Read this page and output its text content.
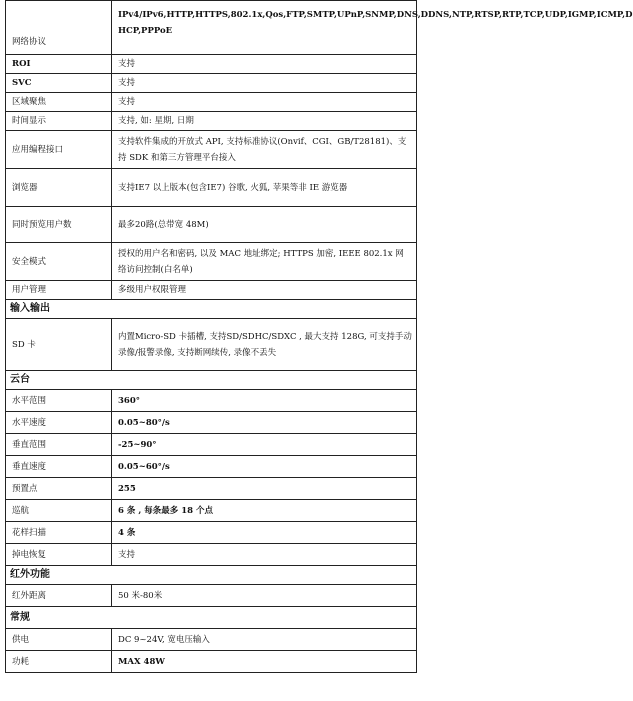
网络协议	IPv4/IPv6,HTTP,HTTPS,802.1x,Qos,FTP,SMTP,UPnP,SNMP,DNS,DDNS,NTP,RTSP,RTP,TCP,UDP,IGMP,ICMP,D HCP,PPPoE
ROI	支持
SVC	支持
区域聚焦	支持
时间显示	支持, 如: 星期, 日期
应用编程接口	支持软件集成的开放式 API, 支持标准协议(Onvif、CGI、GB/T28181)、支持 SDK 和第三方管理平台接入
浏览器	支持IE7 以上版本(包含IE7) 谷歌, 火狐, 苹果等非 IE 游览器
同时预览用户数	最多20路(总带宽 48M)
安全模式	授权的用户名和密码, 以及 MAC 地址绑定; HTTPS 加密, IEEE 802.1x 网络访问控制(白名单)
用户管理	多级用户权限管理
输入输出	
SD 卡	内置Micro-SD 卡插槽, 支持SD/SDHC/SDXC , 最大支持 128G, 可支持手动录像/报警录像, 支持断网续传, 录像不丢失
云台	
水平范围	360°
水平速度	0.05~80°/s
垂直范围	-25~90°
垂直速度	0.05~60°/s
预置点	255
巡航	6 条 , 每条最多 18 个点
花样扫描	4 条
掉电恢复	支持
红外功能	
红外距离	50 米-80米
常规	
供电	DC 9~24V, 宽电压输入
功耗	MAX 48W
